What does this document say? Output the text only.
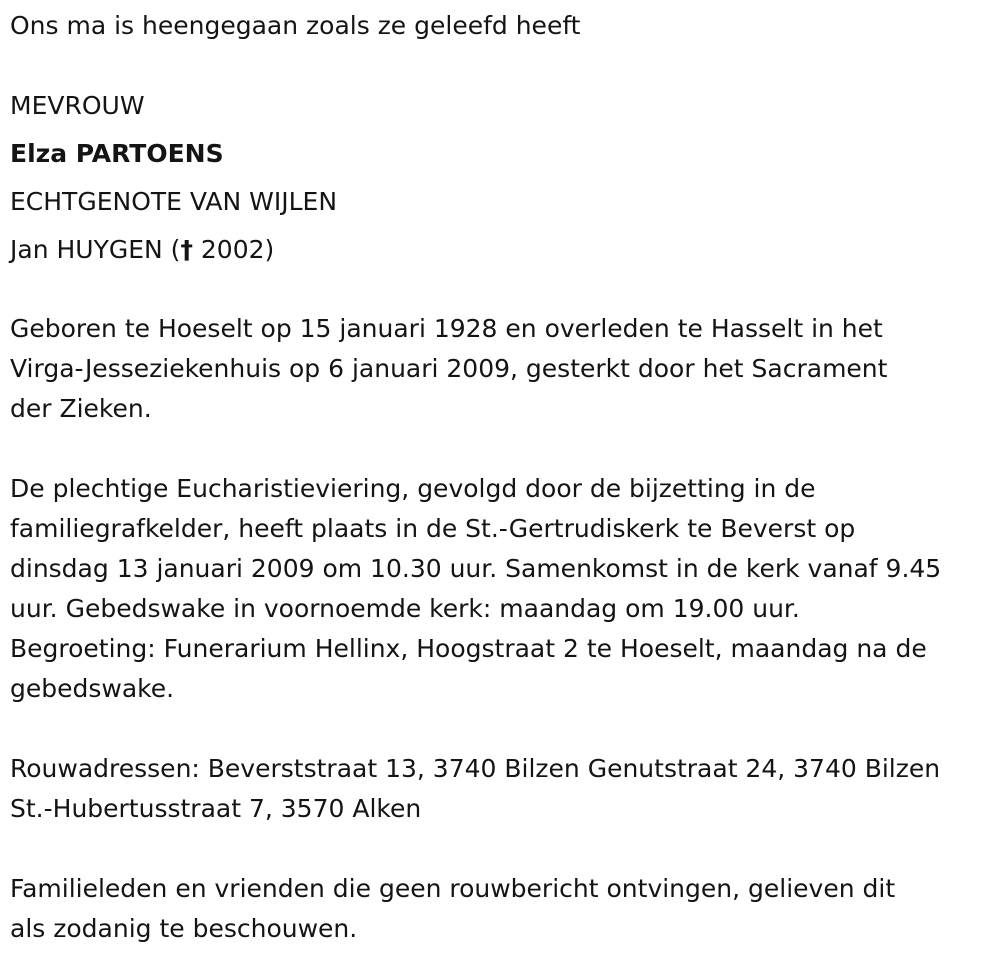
Ons ma is heengegaan zoals ze geleefd heeft
MEVROUW
Elza PARTOENS
ECHTGENOTE VAN WIJLEN
Jan HUYGEN († 2002)
Geboren te Hoeselt op 15 januari 1928 en overleden te Hasselt in het
Virga-Jesseziekenhuis op 6 januari 2009, gesterkt door het Sacrament
der Zieken.
De plechtige Eucharistieviering, gevolgd door de bijzetting in de
familiegrafkelder, heeft plaats in de St.-Gertrudiskerk te Beverst op
dinsdag 13 januari 2009 om 10.30 uur. Samenkomst in de kerk vanaf 9.45
uur. Gebedswake in voornoemde kerk: maandag om 19.00 uur.
Begroeting: Funerarium Hellinx, Hoogstraat 2 te Hoeselt, maandag na de
gebedswake.
Rouwadressen: Beverststraat 13, 3740 Bilzen Genutstraat 24, 3740 Bilzen
St.-Hubertusstraat 7, 3570 Alken
Familieleden en vrienden die geen rouwbericht ontvingen, gelieven dit
als zodanig te beschouwen.
